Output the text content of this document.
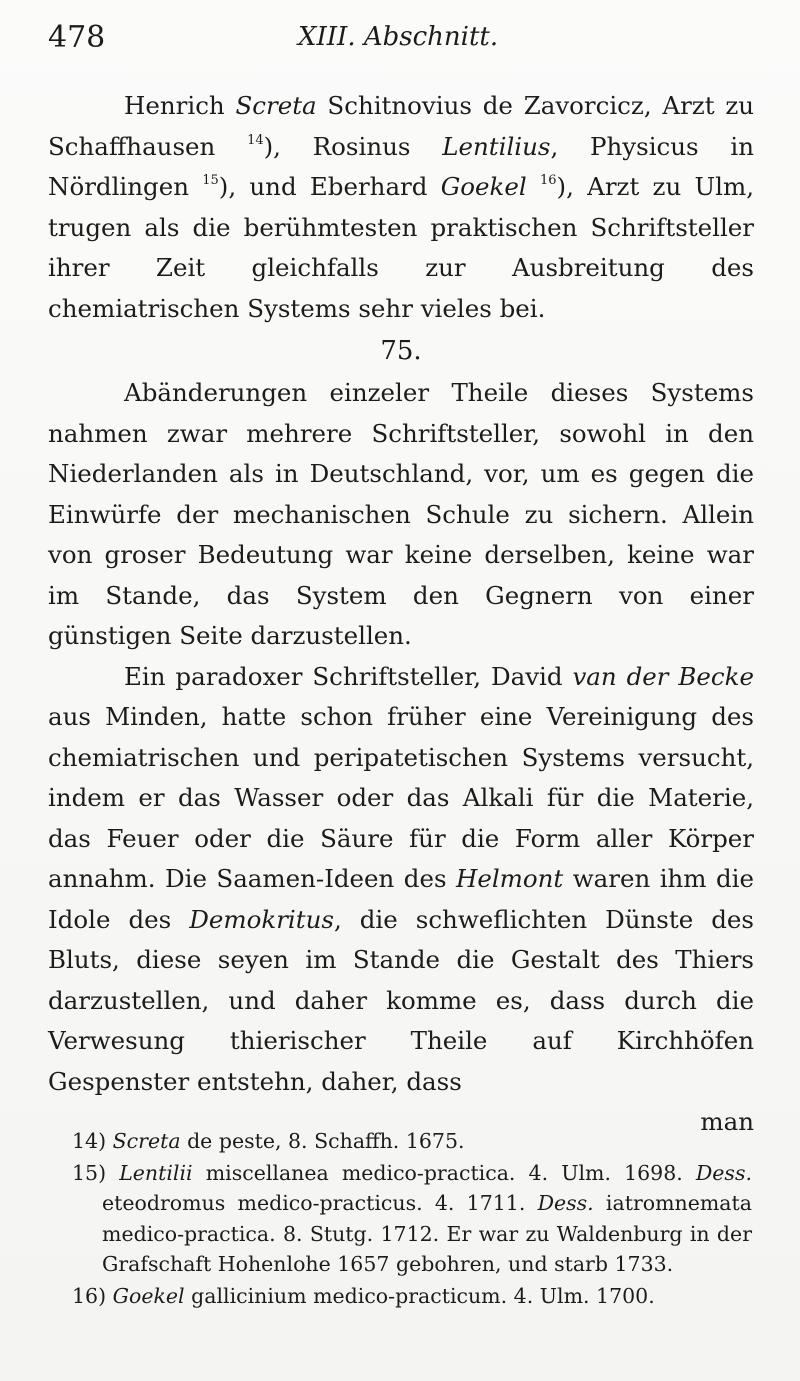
478	XIII. Abschnitt.

Henrich Screta Schitnovius de Zavorcicz, Arzt zu Schaffhausen $^{14}$), Rosinus Lentilius, Physicus in Nördlingen $^{15}$), und Eberhard Goekel $^{16}$), Arzt zu Ulm, trugen als die berühmtesten praktischen Schriftsteller ihrer Zeit gleichfalls zur Ausbreitung des chemiatrischen Systems sehr vieles bei.

75.

Abänderungen einzeler Theile dieses Systems nahmen zwar mehrere Schriftsteller, sowohl in den Niederlanden als in Deutschland, vor, um es gegen die Einwürfe der mechanischen Schule zu sichern. Allein von groser Bedeutung war keine derselben, keine war im Stande, das System den Gegnern von einer günstigen Seite darzustellen.

Ein paradoxer Schriftsteller, David van der Becke aus Minden, hatte schon früher eine Vereinigung des chemiatrischen und peripatetischen Systems versucht, indem er das Wasser oder das Alkali für die Materie, das Feuer oder die Säure für die Form aller Körper annahm. Die Saamen-Ideen des Helmont waren ihm die Idole des Demokritus, die schweflichten Dünste des Bluts, diese seyen im Stande die Gestalt des Thiers darzustellen, und daher komme es, dass durch die Verwesung thierischer Theile auf Kirchhöfen Gespenster entstehn, daher, dass

man

14) Screta de peste, 8. Schaffh. 1675.

15) Lentilii miscellanea medico-practica. 4. Ulm. 1698. Dess. eteodromus medico-practicus. 4. 1711. Dess. iatromnemata medico-practica. 8. Stutg. 1712. Er war zu Waldenburg in der Grafschaft Hohenlohe 1657 gebohren, und starb 1733.

16) Goekel gallicinium medico-practicum. 4. Ulm. 1700.
